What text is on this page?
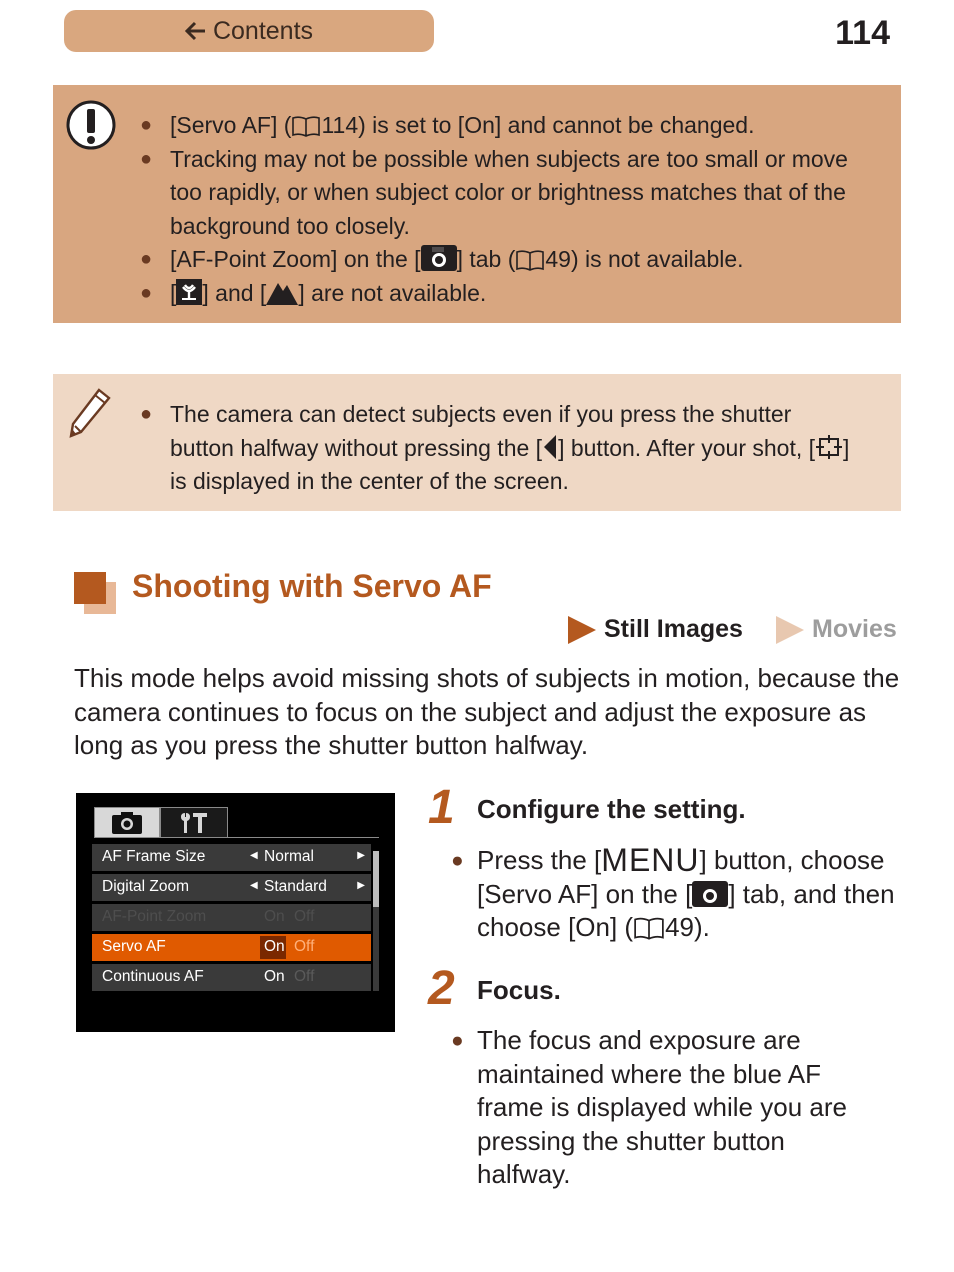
Contents	114
● [Servo AF] ( 114) is set to [On] and cannot be changed.
● Tracking may not be possible when subjects are too small or move too rapidly, or when subject color or brightness matches that of the background too closely.
● [AF-Point Zoom] on the [ ] tab ( 49) is not available.
● [ ] and [ ] are not available.
● The camera can detect subjects even if you press the shutter button halfway without pressing the [ ] button. After your shot, [ ] is displayed in the center of the screen.
Shooting with Servo AF
Still Images	Movies
This mode helps avoid missing shots of subjects in motion, because the camera continues to focus on the subject and adjust the exposure as long as you press the shutter button halfway.
AF Frame Size	◀ Normal	▶
Digital Zoom	◀ Standard	▶
AF-Point Zoom	On Off
Servo AF	On Off
Continuous AF	On Off
1 Configure the setting.
● Press the [MENU] button, choose [Servo AF] on the [ ] tab, and then choose [On] ( 49).
2 Focus.
● The focus and exposure are maintained where the blue AF frame is displayed while you are pressing the shutter button halfway.
